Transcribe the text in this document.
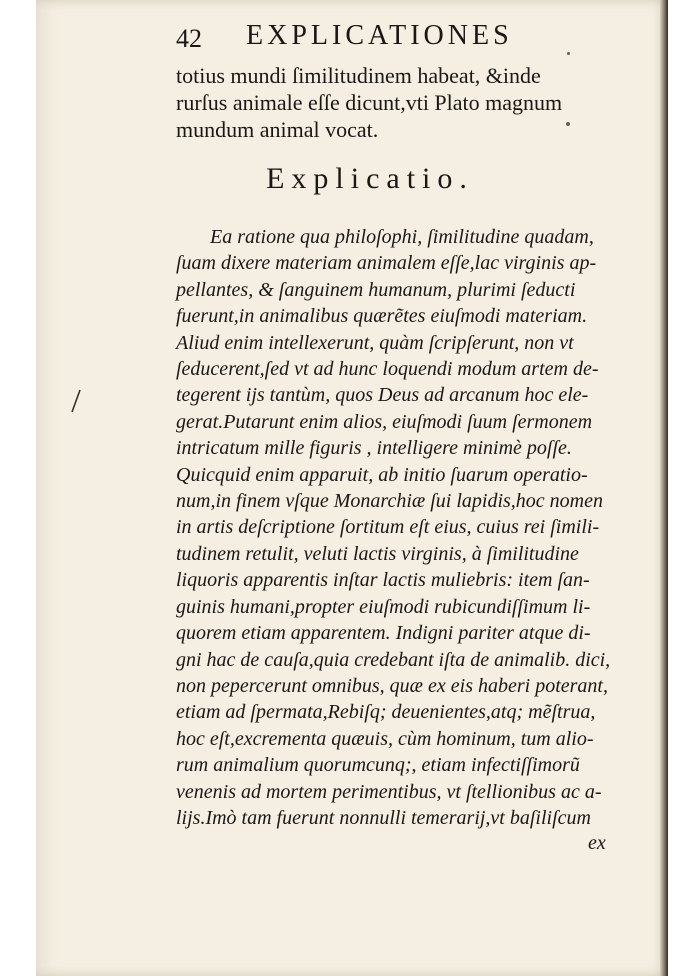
42 EXPLICATIONES
totius mundi ſimilitudinem habeat, &inde
rurſus animale eſſe dicunt,vti Plato magnum
mundum animal vocat.
Explicatio.
Ea ratione qua philoſophi, ſimilitudine quadam,
ſuam dixere materiam animalem eſſe,lac virginis ap-
pellantes, & ſanguinem humanum, plurimi ſeducti
fuerunt,in animalibus quærẽtes eiuſmodi materiam.
Aliud enim intellexerunt, quàm ſcripſerunt, non vt
ſeducerent,ſed vt ad hunc loquendi modum artem de-
tegerent ijs tantùm, quos Deus ad arcanum hoc ele-
gerat.Putarunt enim alios, eiuſmodi ſuum ſermonem
intricatum mille figuris , intelligere minimè poſſe.
Quicquid enim apparuit, ab initio ſuarum operatio-
num,in finem vſque Monarchiæ ſui lapidis,hoc nomen
in artis deſcriptione ſortitum eſt eius, cuius rei ſimili-
tudinem retulit, veluti lactis virginis, à ſimilitudine
liquoris apparentis inſtar lactis muliebris: item ſan-
guinis humani,propter eiuſmodi rubicundiſſimum li-
quorem etiam apparentem. Indigni pariter atque di-
gni hac de cauſa,quia credebant iſta de animalib. dici,
non pepercerunt omnibus, quæ ex eis haberi poterant,
etiam ad ſpermata,Rebiſq; deuenientes,atq; mẽſtrua,
hoc eſt,excrementa quæuis, cùm hominum, tum alio-
rum animalium quorumcunq;, etiam infectiſſimorũ
venenis ad mortem perimentibus, vt ſtellionibus ac a-
lijs.Imò tam fuerunt nonnulli temerarij,vt baſiliſcum
ex
